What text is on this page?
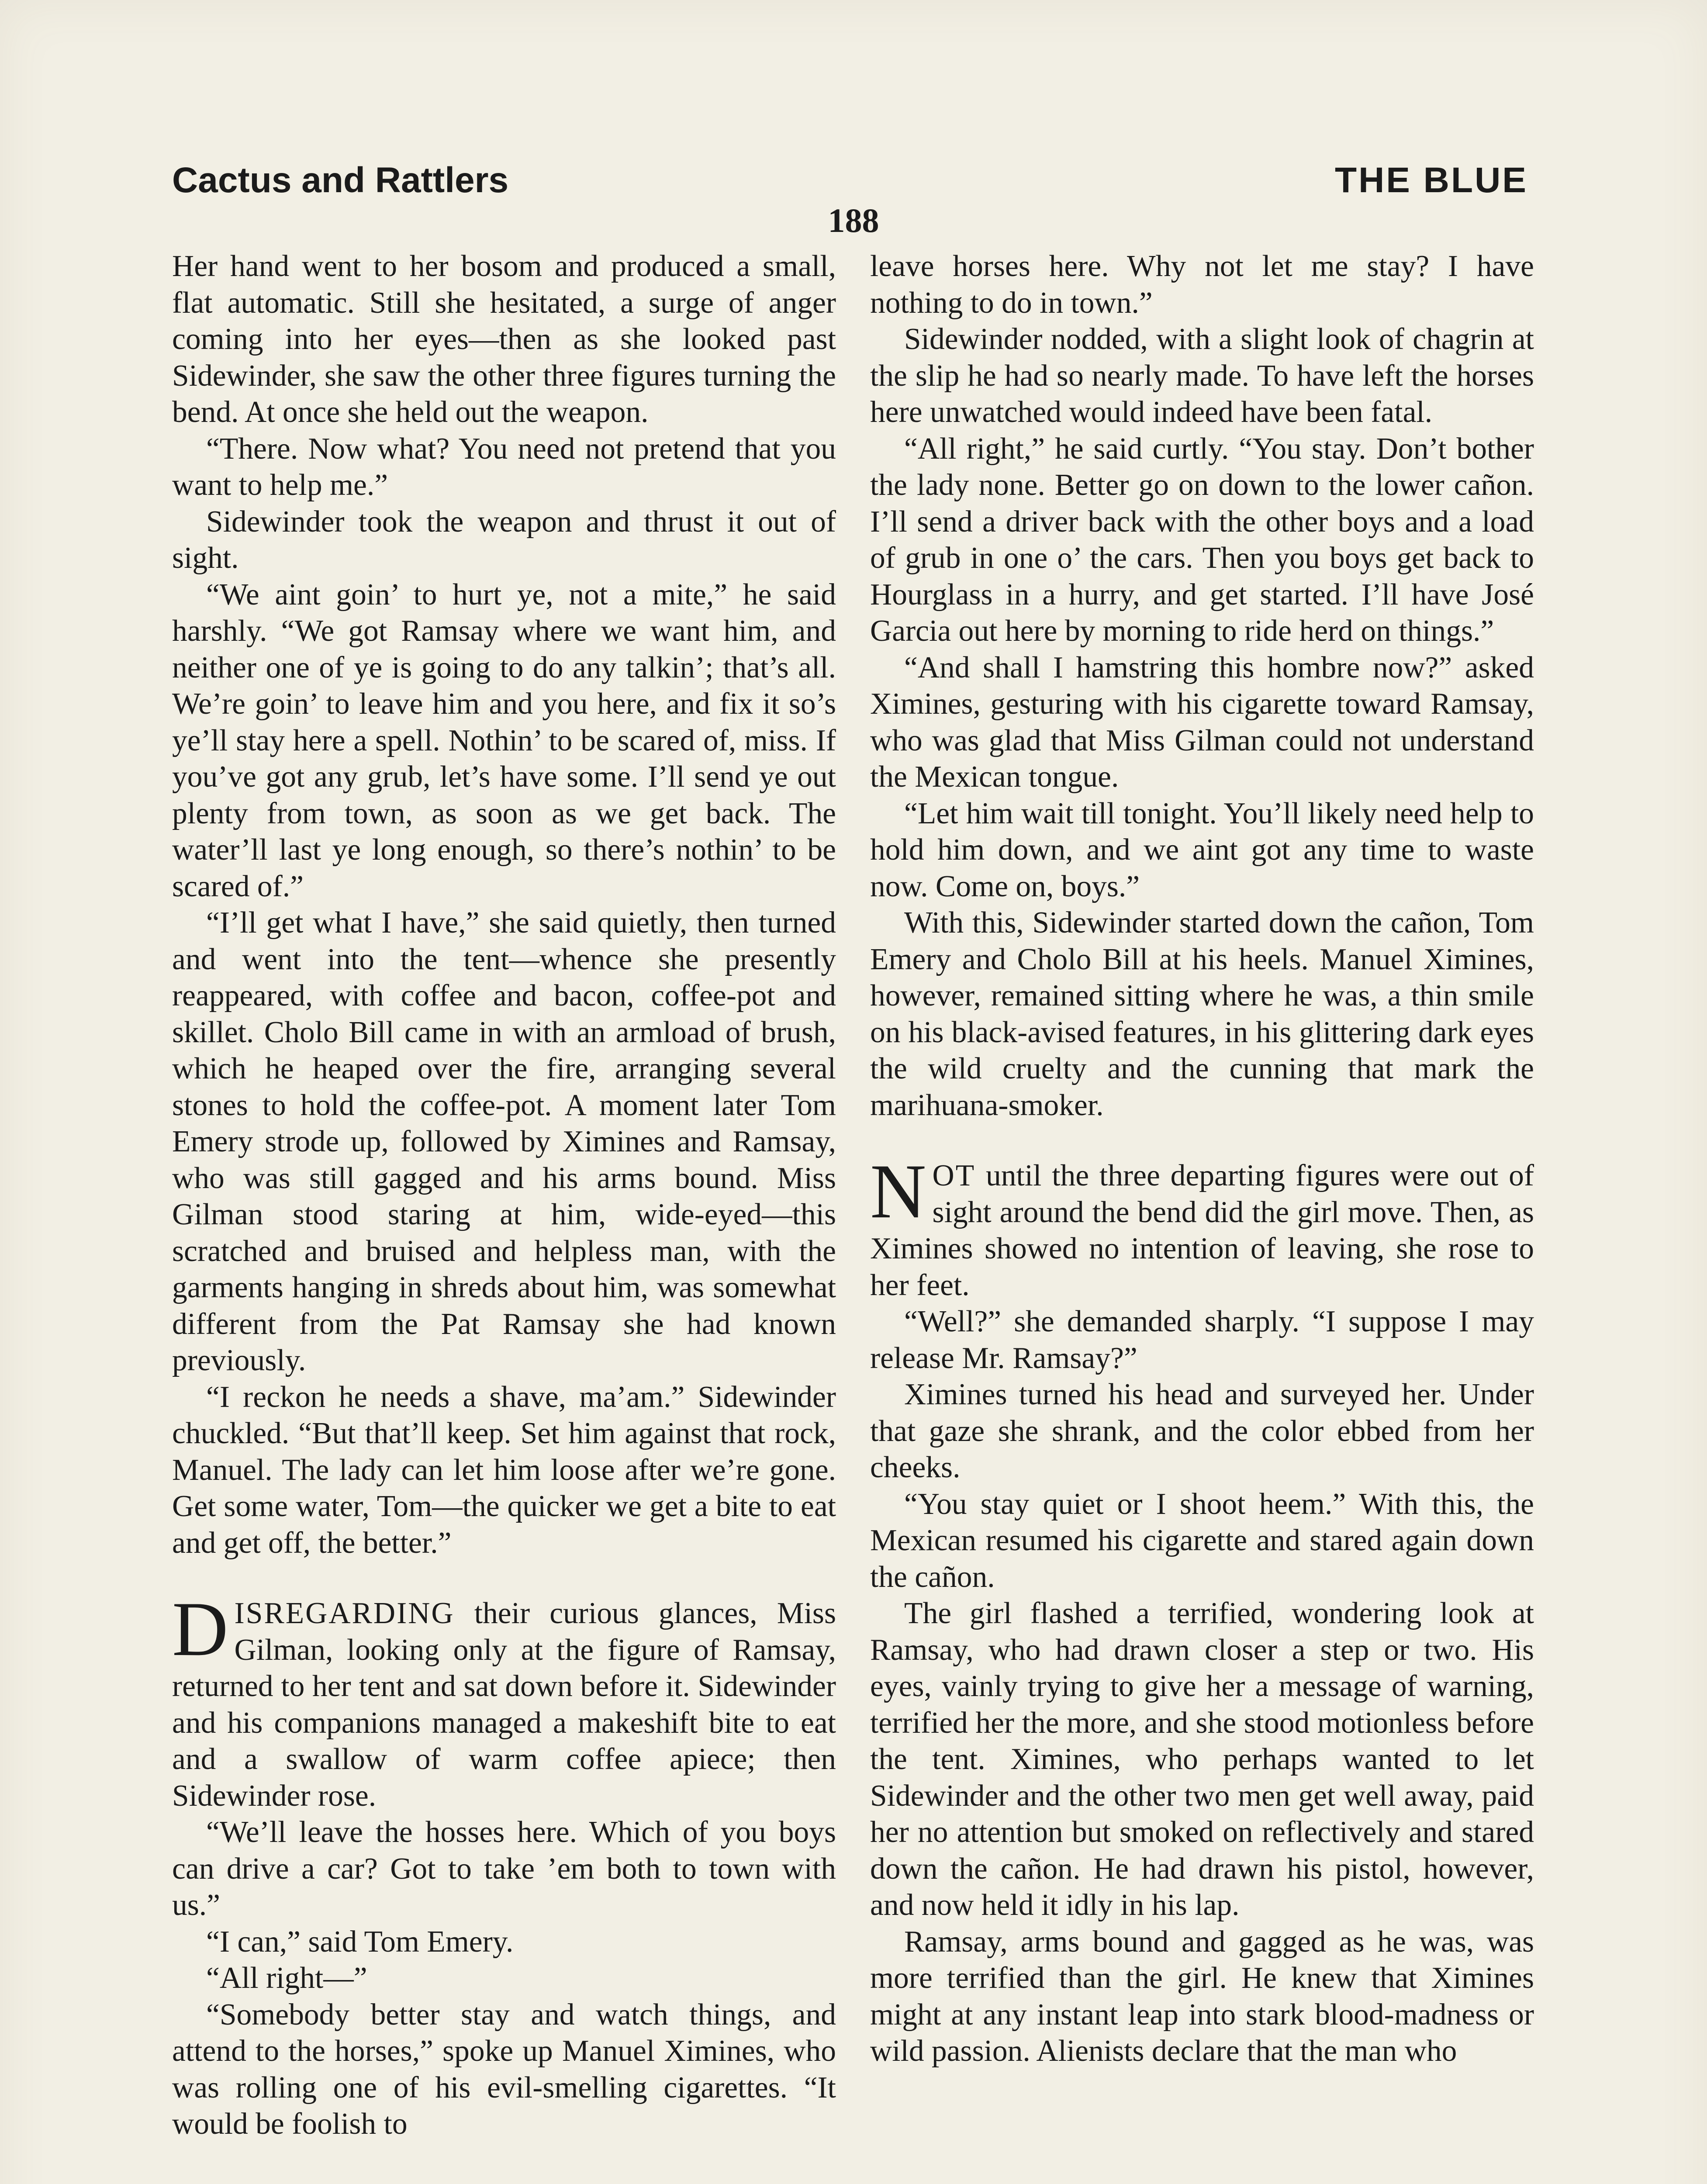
Cactus and Rattlers	THE BLUE
188

Her hand went to her bosom and produced a small, flat automatic. Still she hesitated, a surge of anger coming into her eyes—then as she looked past Sidewinder, she saw the other three figures turning the bend. At once she held out the weapon.

“There. Now what? You need not pretend that you want to help me.”

Sidewinder took the weapon and thrust it out of sight.

“We aint goin’ to hurt ye, not a mite,” he said harshly. “We got Ramsay where we want him, and neither one of ye is going to do any talkin’; that’s all. We’re goin’ to leave him and you here, and fix it so’s ye’ll stay here a spell. Nothin’ to be scared of, miss. If you’ve got any grub, let’s have some. I’ll send ye out plenty from town, as soon as we get back. The water’ll last ye long enough, so there’s nothin’ to be scared of.”

“I’ll get what I have,” she said quietly, then turned and went into the tent—whence she presently reappeared, with coffee and bacon, coffee-pot and skillet. Cholo Bill came in with an armload of brush, which he heaped over the fire, arranging several stones to hold the coffee-pot. A moment later Tom Emery strode up, followed by Ximines and Ramsay, who was still gagged and his arms bound. Miss Gilman stood staring at him, wide-eyed—this scratched and bruised and helpless man, with the garments hanging in shreds about him, was somewhat different from the Pat Ramsay she had known previously.

“I reckon he needs a shave, ma’am.” Sidewinder chuckled. “But that’ll keep. Set him against that rock, Manuel. The lady can let him loose after we’re gone. Get some water, Tom—the quicker we get a bite to eat and get off, the better.”

DISREGARDING their curious glances, Miss Gilman, looking only at the figure of Ramsay, returned to her tent and sat down before it. Sidewinder and his companions managed a makeshift bite to eat and a swallow of warm coffee apiece; then Sidewinder rose.

“We’ll leave the hosses here. Which of you boys can drive a car? Got to take ’em both to town with us.”

“I can,” said Tom Emery.

“All right—”

“Somebody better stay and watch things, and attend to the horses,” spoke up Manuel Ximines, who was rolling one of his evil-smelling cigarettes. “It would be foolish to

leave horses here. Why not let me stay? I have nothing to do in town.”

Sidewinder nodded, with a slight look of chagrin at the slip he had so nearly made. To have left the horses here unwatched would indeed have been fatal.

“All right,” he said curtly. “You stay. Don’t bother the lady none. Better go on down to the lower cañon. I’ll send a driver back with the other boys and a load of grub in one o’ the cars. Then you boys get back to Hourglass in a hurry, and get started. I’ll have José Garcia out here by morning to ride herd on things.”

“And shall I hamstring this hombre now?” asked Ximines, gesturing with his cigarette toward Ramsay, who was glad that Miss Gilman could not understand the Mexican tongue.

“Let him wait till tonight. You’ll likely need help to hold him down, and we aint got any time to waste now. Come on, boys.”

With this, Sidewinder started down the cañon, Tom Emery and Cholo Bill at his heels. Manuel Ximines, however, remained sitting where he was, a thin smile on his black-avised features, in his glittering dark eyes the wild cruelty and the cunning that mark the marihuana-smoker.

NOT until the three departing figures were out of sight around the bend did the girl move. Then, as Ximines showed no intention of leaving, she rose to her feet.

“Well?” she demanded sharply. “I suppose I may release Mr. Ramsay?”

Ximines turned his head and surveyed her. Under that gaze she shrank, and the color ebbed from her cheeks.

“You stay quiet or I shoot heem.” With this, the Mexican resumed his cigarette and stared again down the cañon.

The girl flashed a terrified, wondering look at Ramsay, who had drawn closer a step or two. His eyes, vainly trying to give her a message of warning, terrified her the more, and she stood motionless before the tent. Ximines, who perhaps wanted to let Sidewinder and the other two men get well away, paid her no attention but smoked on reflectively and stared down the cañon. He had drawn his pistol, however, and now held it idly in his lap.

Ramsay, arms bound and gagged as he was, was more terrified than the girl. He knew that Ximines might at any instant leap into stark blood-madness or wild passion. Alienists declare that the man who
